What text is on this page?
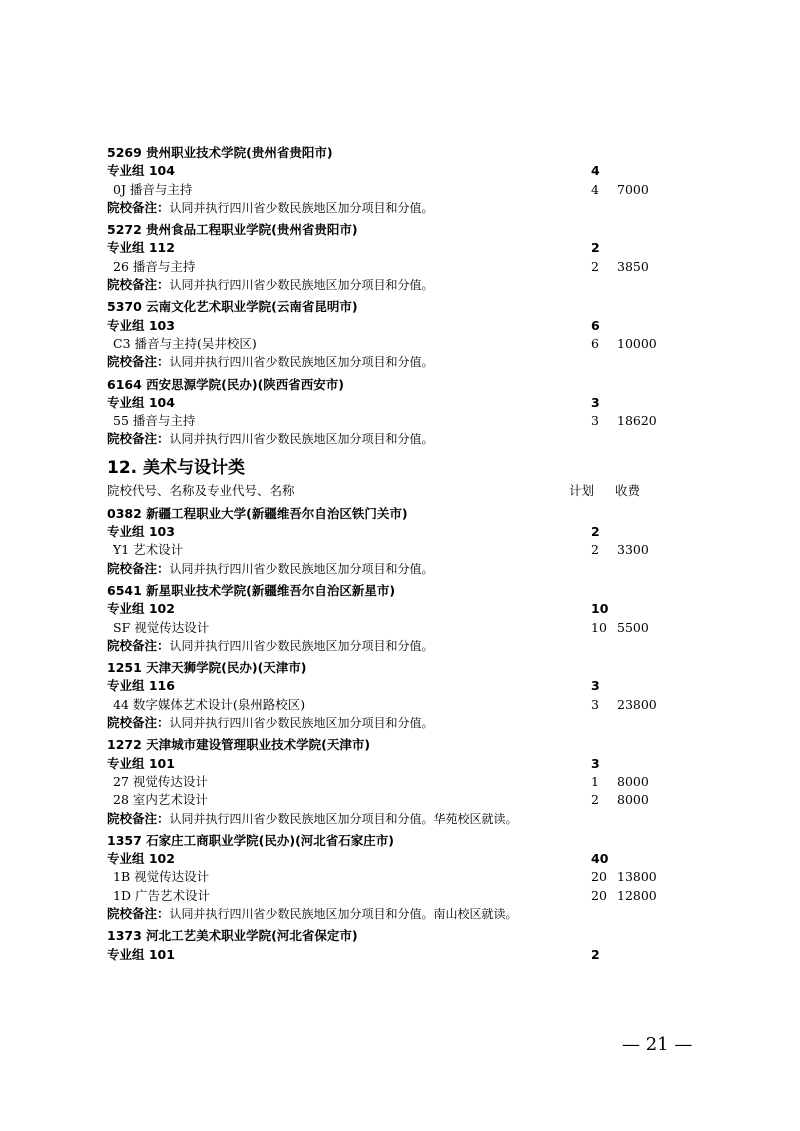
5269 贵州职业技术学院(贵州省贵阳市)
专业组 104	4
0J 播音与主持	4 7000
院校备注：认同并执行四川省少数民族地区加分项目和分值。
5272 贵州食品工程职业学院(贵州省贵阳市)
专业组 112	2
26 播音与主持	2 3850
院校备注：认同并执行四川省少数民族地区加分项目和分值。
5370 云南文化艺术职业学院(云南省昆明市)
专业组 103	6
C3 播音与主持(吴井校区)	6 10000
院校备注：认同并执行四川省少数民族地区加分项目和分值。
6164 西安思源学院(民办)(陕西省西安市)
专业组 104	3
55 播音与主持	3 18620
院校备注：认同并执行四川省少数民族地区加分项目和分值。
12. 美术与设计类
院校代号、名称及专业代号、名称	计划 收费
0382 新疆工程职业大学(新疆维吾尔自治区铁门关市)
专业组 103	2
Y1 艺术设计	2 3300
院校备注：认同并执行四川省少数民族地区加分项目和分值。
6541 新星职业技术学院(新疆维吾尔自治区新星市)
专业组 102	10
SF 视觉传达设计	10 5500
院校备注：认同并执行四川省少数民族地区加分项目和分值。
1251 天津天狮学院(民办)(天津市)
专业组 116	3
44 数字媒体艺术设计(泉州路校区)	3 23800
院校备注：认同并执行四川省少数民族地区加分项目和分值。
1272 天津城市建设管理职业技术学院(天津市)
专业组 101	3
27 视觉传达设计	1 8000
28 室内艺术设计	2 8000
院校备注：认同并执行四川省少数民族地区加分项目和分值。华苑校区就读。
1357 石家庄工商职业学院(民办)(河北省石家庄市)
专业组 102	40
1B 视觉传达设计	20 13800
1D 广告艺术设计	20 12800
院校备注：认同并执行四川省少数民族地区加分项目和分值。南山校区就读。
1373 河北工艺美术职业学院(河北省保定市)
专业组 101	2
— 21 —
